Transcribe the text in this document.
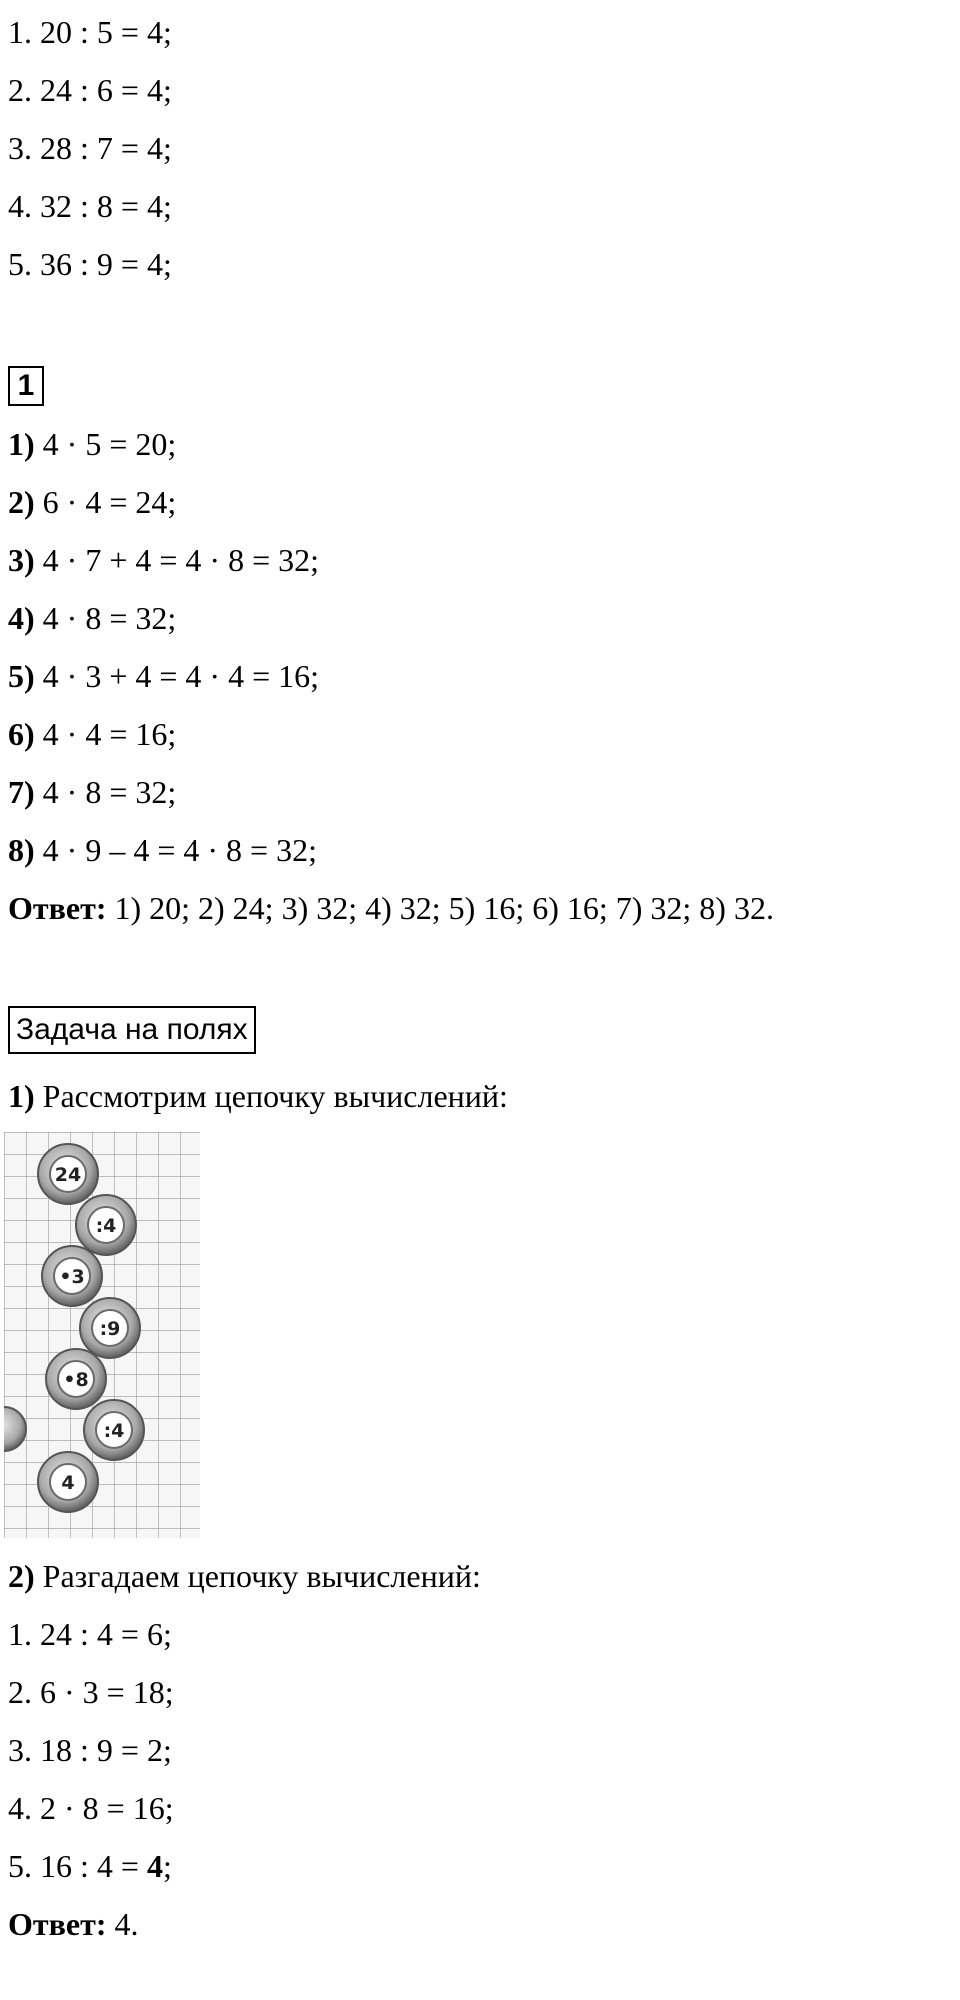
1. 20 : 5 = 4;
2. 24 : 6 = 4;
3. 28 : 7 = 4;
4. 32 : 8 = 4;
5. 36 : 9 = 4;
1
1) 4 · 5 = 20;
2) 6 · 4 = 24;
3) 4 · 7 + 4 = 4 · 8 = 32;
4) 4 · 8 = 32;
5) 4 · 3 + 4 = 4 · 4 = 16;
6) 4 · 4 = 16;
7) 4 · 8 = 32;
8) 4 · 9 – 4 = 4 · 8 = 32;
Ответ: 1) 20; 2) 24; 3) 32; 4) 32; 5) 16; 6) 16; 7) 32; 8) 32.
Задача на полях
1) Рассмотрим цепочку вычислений:
24
:4
•3
:9
•8
:4
4
2) Разгадаем цепочку вычислений:
1. 24 : 4 = 6;
2. 6 · 3 = 18;
3. 18 : 9 = 2;
4. 2 · 8 = 16;
5. 16 : 4 = 4;
Ответ: 4.
